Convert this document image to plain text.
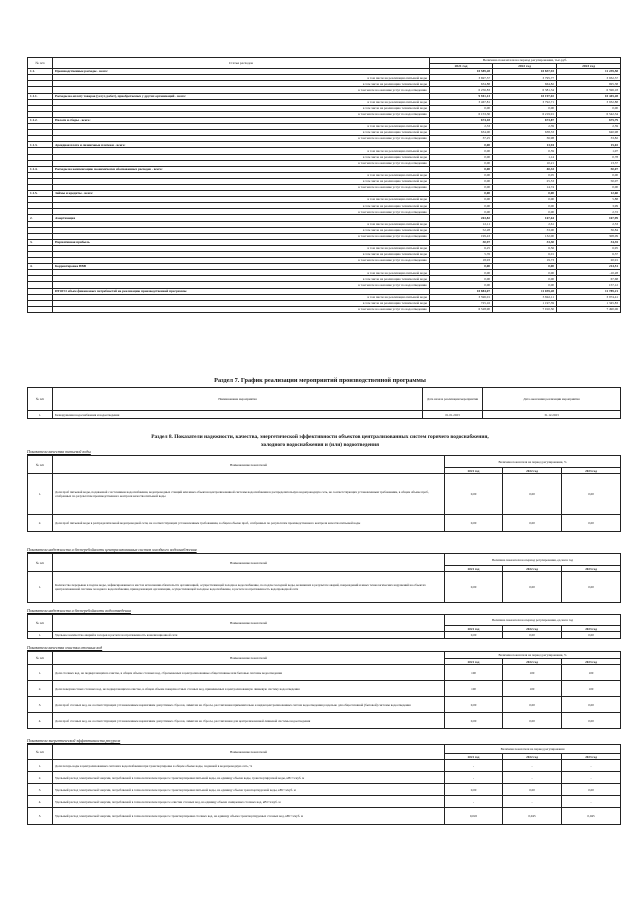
№ п/п	Статья расходов	Величина показателя на период регулирования, тыс.руб.		
		2021 год	2022 год	2023 год
1.1.	Производственные расходы - всего:	10 589,28	10 837,93	11 239,58
	в том числе на реализацию питьевой воды	3 697,57	3 795,77	3 932,57
	в том числе на реализацию технической воды	634,88	664,82	695,38
	в том числе на оказание услуг по водоотведению	6 256,83	6 381,34	6 596,18
1.1.1.	Расходы на оплату товаров (услуг, работ), приобретаемых у других организаций - всего:	9 941,13	10 197,02	10 445,28
	в том числе на реализацию питьевой воды	3 467,81	3 792,71	3 932,88
	в том числе на реализацию технической воды	0,00	0,00	0,00
	в том числе на оказание услуг по водоотведению	6 153,30	6 219,91	6 542,34
1.1.2.	Налоги и сборы - всего:	674,18	673,87	675,79
	в том числе на реализацию питьевой воды	2,33	2,39	2,59
	в том числе на реализацию технической воды	634,00	638,33	640,98
	в том числе на оказание услуг по водоотведению	37,25	36,98	33,82
1.1.3.	Арендная плата и лизинговые платежи - всего:	0,00	13,94	15,02
	в том числе на реализацию питьевой воды	0,00	0,59	1,07
	в том числе на реализацию технической воды	0,00	1,14	0,78
	в том числе на оказание услуг по водоотведению	0,00	10,21	13,37
1.1.4.	Расходы на компенсацию экономически обоснованных расходов - всего:	0,00	40,33	50,07
	в том числе на реализацию питьевой воды	0,00	0,05	0,00
	в том числе на реализацию технической воды	0,00	25,53	50,07
	в том числе на оказание услуг по водоотведению	0,00	14,74	0,00
1.1.5.	Займы и кредиты - всего:	0,00	0,00	12,60
	в том числе на реализацию питьевой воды	0,00	0,00	5,88
	в том числе на реализацию технической воды	0,00	0,00	3,99
	в том числе на оказание услуг по водоотведению	0,00	0,00	2,72
2.	Амортизация	263,82	167,64	167,99
	в том числе на реализацию питьевой воды	12,11	2,61	2,53
	в том числе на реализацию технической воды	52,28	33,00	36,84
	в том числе на оказание услуг по водоотведению	199,43	132,00	308,09
3.	Нормативная прибыль	30,97	33,30	34,35
	в том числе на реализацию питьевой воды	6,25	6,56	6,95
	в том числе на реализацию технической воды	5,76	6,01	6,37
	в том числе на оказание услуг по водоотведению	18,93	19,73	20,91
4.	Корректировка НВВ	0,00	0,00	214,51
	в том числе на реализацию питьевой воды	0,00	0,00	-10,28
	в том числе на реализацию технической воды	0,00	0,00	67,68
	в том числе на оказание услуг по водоотведению	0,00	0,00	157,12
	ИТОГО объем финансовых потребностей на реализацию производственной программы	10 884,07	11 039,28	11 789,21
	в том числе на реализацию питьевой воды	3 596,01	3 842,11	3 974,41
	в том числе на реализацию технической воды	725,16	1 197,39	1 345,83
	в том числе на оказание услуг по водоотведению	6 528,90	7 010,50	7 490,06
Раздел 7. График реализации мероприятий производственной программы
№ п/п	Наименование мероприятия	Дата начала реализации мероприятия	Дата окончания реализации мероприятия
1.	Безнарушения водоснабжения и водоотведения	01.01.2023	31.12.2023
Раздел 8. Показатели надежности, качества, энергетической эффективности объектов централизованных систем горячего водоснабжения,
холодного водоснабжения и (или) водоотведения
Показатели качества питьевой воды
№ п/п	Наименование показателей	Величина показателя на период регулирования, %		
		2021 год	2022 год	2023 год
1.	Доля проб питьевой воды, подаваемой с источников водоснабжения, водопроводных станций или иных объектов централизованной системы водоснабжения в распределительную водопроводную сеть, не соответствующих установленным требованиям, в общем объеме проб, отобранных по результатам производственного контроля качества питьевой воды	0,00	0,00	0,00
2.	Доля проб питьевой воды в распределительной водопроводной сети, не соответствующих установленным требованиям, в общем объеме проб, отобранных по результатам производственного контроля качества питьевой воды	0,00	0,00	0,00
Показатели надежности и бесперебойности централизованных систем холодного водоснабжения
№ п/п	Наименование показателей	Величина показателя на период регулирования, ед./км в год		
		2021 год	2022 год	2023 год
1.	Количество перерывов в подаче воды, зафиксированных в местах исполнения обязательств организацией, осуществляющей холодное водоснабжение, по подаче холодной воды, возникших в результате аварий, повреждений и иных технологических нарушений на объектах централизованной системы холодного водоснабжения, принадлежащих организации, осуществляющей холодное водоснабжение, в расчете на протяженность водопроводной сети	0,00	0,00	0,00
Показатели надежности и бесперебойности водоотведения
№ п/п	Наименование показателей	Величина показателя на период регулирования, ед./км в год		
		2021 год	2022 год	2023 год
1.	Удельное количество аварий и засоров в расчете на протяженность канализационной сети	0,00	0,00	0,00
Показатели качества очистки сточных вод
№ п/п	Наименование показателей	Величина показателя на период регулирования, %		
		2021 год	2022 год	2023 год
1.	Доля сточных вод, не подвергающихся очистке, в общем объеме сточных вод, сбрасываемых в централизованные общесплавные или бытовые системы водоотведения	100	100	100
2.	Доля поверхностных сточных вод, не подвергающихся очистке, в общем объеме поверхностных сточных вод, принимаемых в централизованную ливневую систему водоотведения	100	100	100
3.	Доля проб сточных вод, не соответствующих установленным нормативам допустимых сбросов, лимитам на сбросы, рассчитанная применительно к видам централизованных систем водоотведения раздельно для общесплавной (бытовой) системы водоотведения	0,00	0,00	0,00
4.	Доля проб сточных вод, не соответствующих установленным нормативам допустимых сбросов, лимитам на сбросы, рассчитанная для централизованной ливневой системы водоотведения	0,00	0,00	0,00
Показатели энергетической эффективности ресурсов
№ п/п	Наименование показателей	Величина показателя на период регулирования		
		2021 год	2022 год	2023 год
1.	Доля потерь воды в централизованных системах водоснабжения при транспортировке в общем объеме воды, поданной в водопроводную сеть, %	-	-	-
2.	Удельный расход электрической энергии, потребляемой в технологическом процессе транспортировки питьевой воды, на единицу объема воды, транспортируемой воды, кВт×ч/куб. м	-	-	-
3.	Удельный расход электрической энергии, потребляемой в технологическом процессе транспортировки питьевой воды, на единицу объема транспортируемой воды, кВт×ч/куб. м	0,00	0,00	0,00
4.	Удельный расход электрической энергии, потребляемой в технологическом процессе очистки сточных вод, на единицу объема очищаемых сточных вод, кВт×ч/куб. м	-	-	-
5.	Удельный расход электрической энергии, потребляемой в технологическом процессе транспортировки сточных вод, на единицу объема транспортируемых сточных вод, кВт×ч/куб. м	0,045	0,045	0,045
